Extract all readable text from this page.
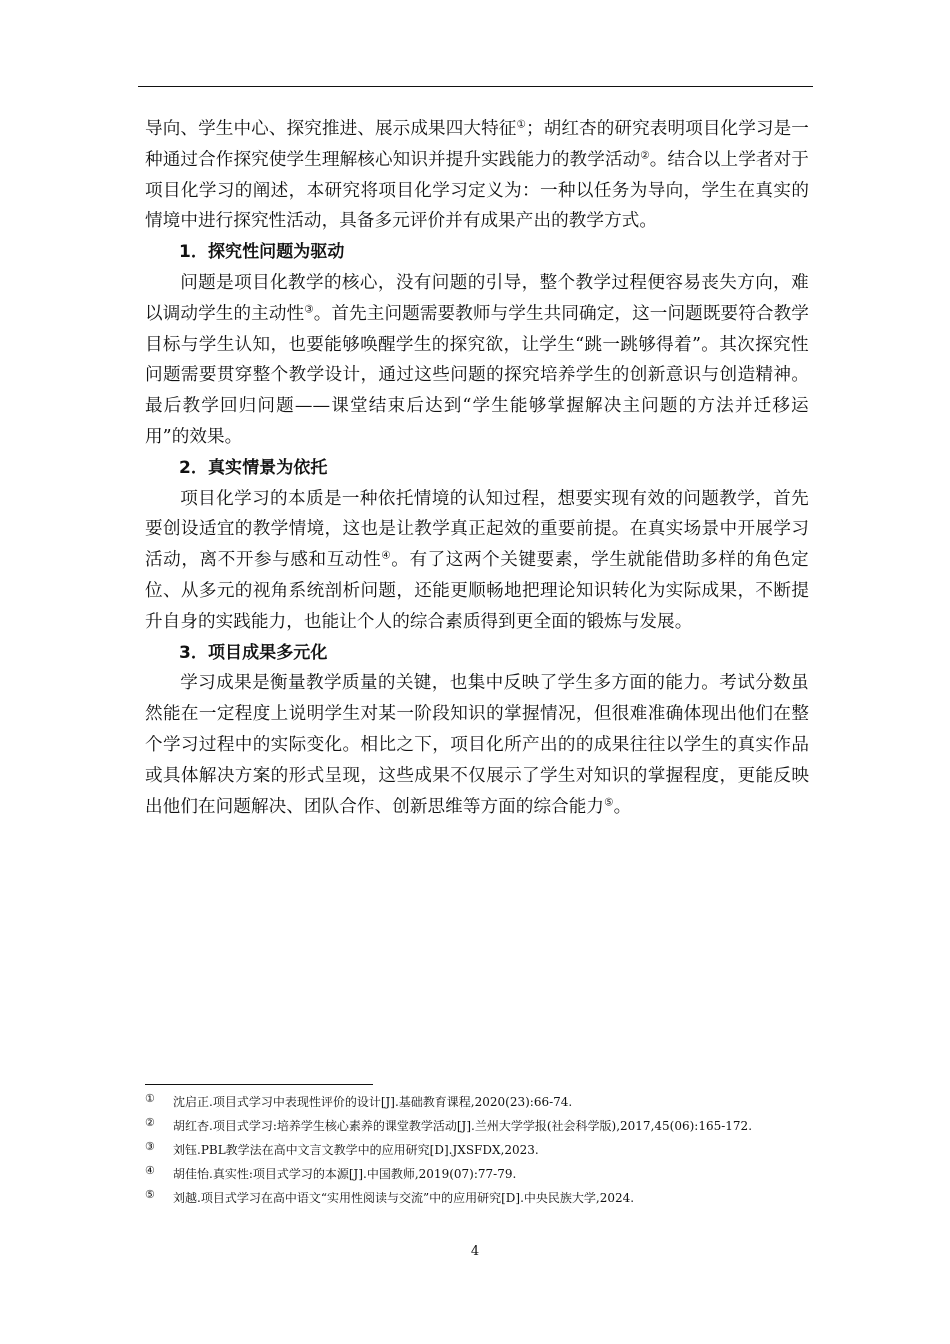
导向、学生中心、探究推进、展示成果四大特征①；胡红杏的研究表明项目化学习是一种通过合作探究使学生理解核心知识并提升实践能力的教学活动②。结合以上学者对于项目化学习的阐述，本研究将项目化学习定义为：一种以任务为导向，学生在真实的情境中进行探究性活动，具备多元评价并有成果产出的教学方式。

1．探究性问题为驱动

问题是项目化教学的核心，没有问题的引导，整个教学过程便容易丧失方向，难以调动学生的主动性③。首先主问题需要教师与学生共同确定，这一问题既要符合教学目标与学生认知，也要能够唤醒学生的探究欲，让学生“跳一跳够得着”。其次探究性问题需要贯穿整个教学设计，通过这些问题的探究培养学生的创新意识与创造精神。最后教学回归问题——课堂结束后达到“学生能够掌握解决主问题的方法并迁移运用”的效果。

2．真实情景为依托

项目化学习的本质是一种依托情境的认知过程，想要实现有效的问题教学，首先要创设适宜的教学情境，这也是让教学真正起效的重要前提。在真实场景中开展学习活动，离不开参与感和互动性④。有了这两个关键要素，学生就能借助多样的角色定位、从多元的视角系统剖析问题，还能更顺畅地把理论知识转化为实际成果，不断提升自身的实践能力，也能让个人的综合素质得到更全面的锻炼与发展。

3．项目成果多元化

学习成果是衡量教学质量的关键，也集中反映了学生多方面的能力。考试分数虽然能在一定程度上说明学生对某一阶段知识的掌握情况，但很难准确体现出他们在整个学习过程中的实际变化。相比之下，项目化所产出的的成果往往以学生的真实作品或具体解决方案的形式呈现，这些成果不仅展示了学生对知识的掌握程度，更能反映出他们在问题解决、团队合作、创新思维等方面的综合能力⑤。

① 沈启正.项目式学习中表现性评价的设计[J].基础教育课程,2020(23):66-74.
② 胡红杏.项目式学习:培养学生核心素养的课堂教学活动[J].兰州大学学报(社会科学版),2017,45(06):165-172.
③ 刘钰.PBL教学法在高中文言文教学中的应用研究[D].JXSFDX,2023.
④ 胡佳怡.真实性:项目式学习的本源[J].中国教师,2019(07):77-79.
⑤ 刘越.项目式学习在高中语文“实用性阅读与交流”中的应用研究[D].中央民族大学,2024.
4
